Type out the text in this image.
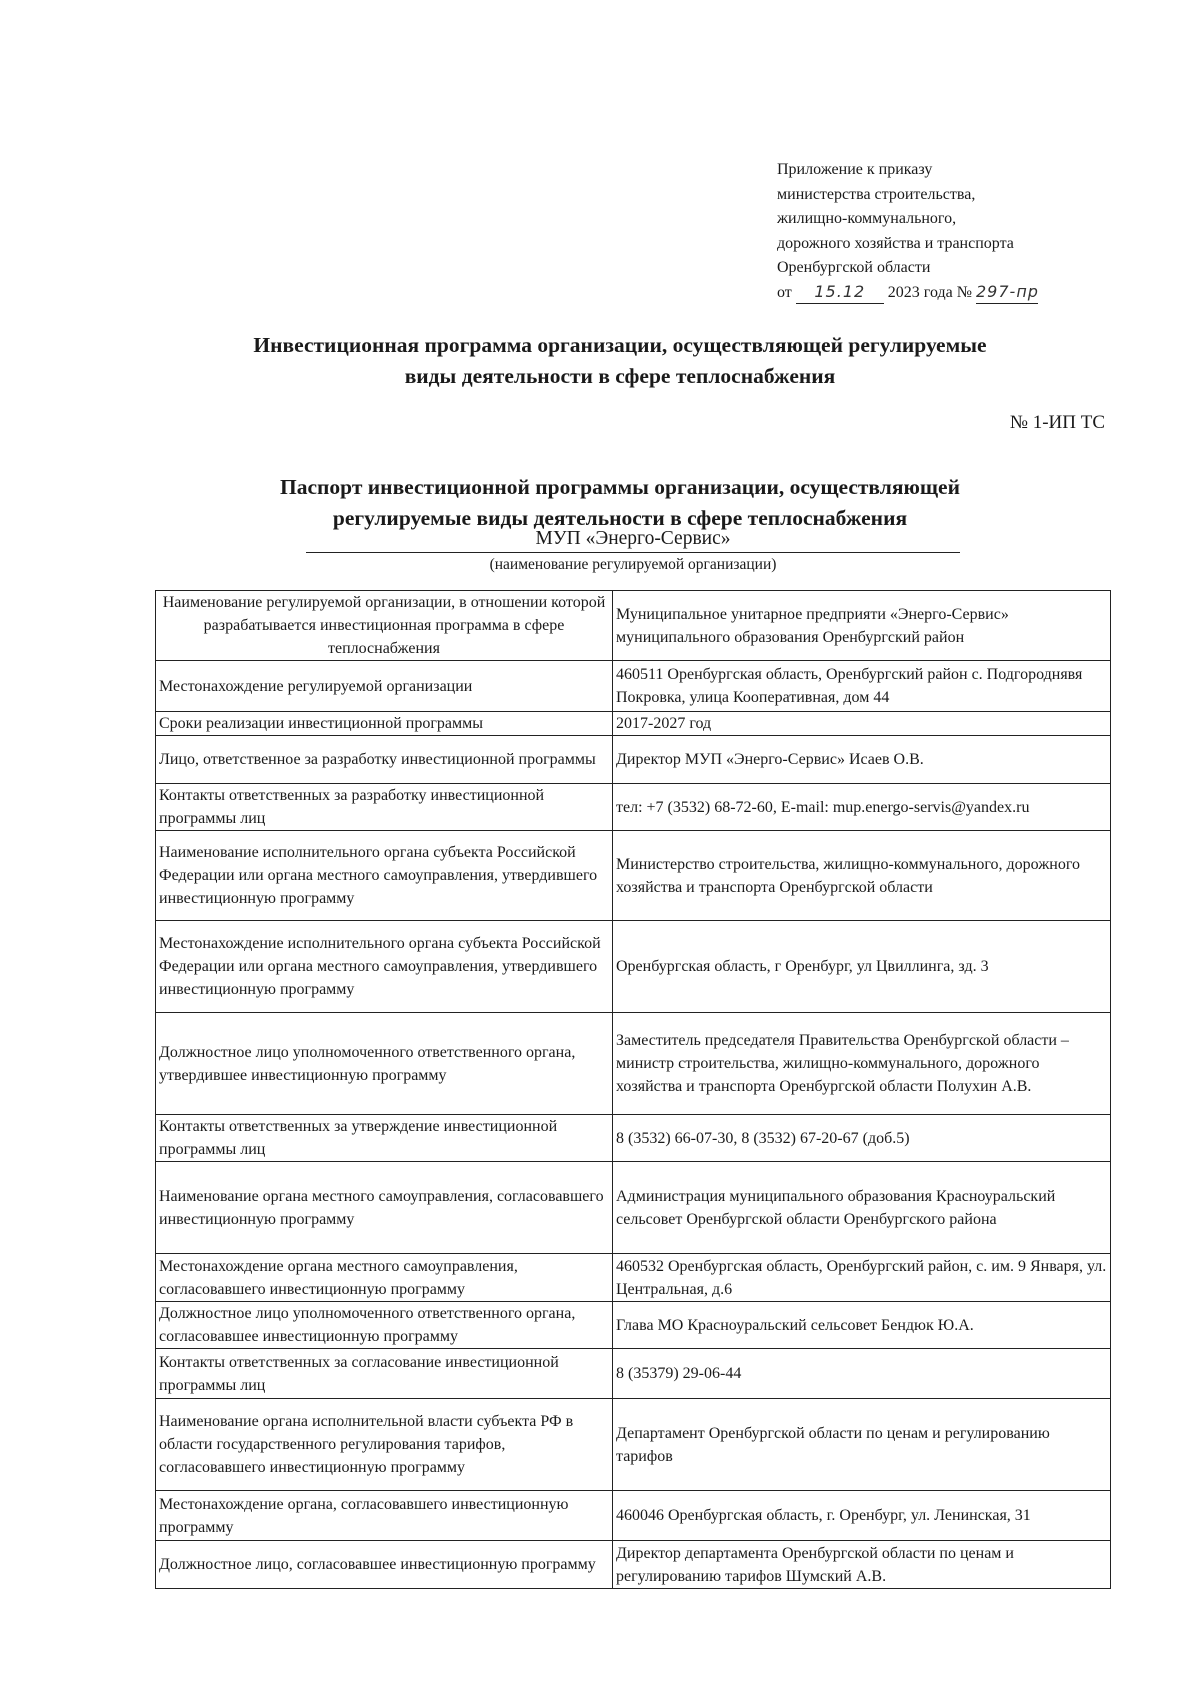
Приложение к приказу
министерства строительства,
жилищно-коммунального,
дорожного хозяйства и транспорта
Оренбургской области
от 15.12 2023 года № 297-пр
Инвестиционная программа организации, осуществляющей регулируемые виды деятельности в сфере теплоснабжения
№ 1-ИП ТС
Паспорт инвестиционной программы организации, осуществляющей регулируемые виды деятельности в сфере теплоснабжения
МУП «Энерго-Сервис»
(наименование регулируемой организации)
Наименование регулируемой организации, в отношении которой разрабатывается инвестиционная программа в сфере теплоснабжения	Муниципальное унитарное предприяти «Энерго-Сервис» муниципального образования Оренбургский район
Местонахождение регулируемой организации	460511 Оренбургская область, Оренбургский район с. Подгороднявя Покровка, улица Кооперативная, дом 44
Сроки реализации инвестиционной программы	2017-2027 год
Лицо, ответственное за разработку инвестиционной программы	Директор МУП «Энерго-Сервис» Исаев О.В.
Контакты ответственных за разработку инвестиционной программы лиц	тел: +7 (3532) 68-72-60, E-mail: mup.energo-servis@yandex.ru
Наименование исполнительного органа субъекта Российской Федерации или органа местного самоуправления, утвердившего инвестиционную программу	Министерство строительства, жилищно-коммунального, дорожного хозяйства и транспорта Оренбургской области
Местонахождение исполнительного органа субъекта Российской Федерации или органа местного самоуправления, утвердившего инвестиционную программу	Оренбургская область, г Оренбург, ул Цвиллинга, зд. 3
Должностное лицо уполномоченного ответственного органа, утвердившее инвестиционную программу	Заместитель председателя Правительства Оренбургской области – министр строительства, жилищно-коммунального, дорожного хозяйства и транспорта Оренбургской области Полухин А.В.
Контакты ответственных за утверждение инвестиционной программы лиц	8 (3532) 66-07-30, 8 (3532) 67-20-67 (доб.5)
Наименование органа местного самоуправления, согласовавшего инвестиционную программу	Администрация муниципального образования Красноуральский сельсовет Оренбургской области Оренбургского района
Местонахождение органа местного самоуправления, согласовавшего инвестиционную программу	460532 Оренбургская область, Оренбургский район, с. им. 9 Января, ул. Центральная, д.6
Должностное лицо уполномоченного ответственного органа, согласовавшее инвестиционную программу	Глава МО Красноуральский сельсовет Бендюк Ю.А.
Контакты ответственных за согласование инвестиционной программы лиц	8 (35379) 29-06-44
Наименование органа исполнительной власти субъекта РФ в области государственного регулирования тарифов, согласовавшего инвестиционную программу	Департамент Оренбургской области по ценам и регулированию тарифов
Местонахождение органа, согласовавшего инвестиционную программу	460046 Оренбургская область, г. Оренбург, ул. Ленинская, 31
Должностное лицо, согласовавшее инвестиционную программу	Директор департамента Оренбургской области по ценам и регулированию тарифов Шумский А.В.
